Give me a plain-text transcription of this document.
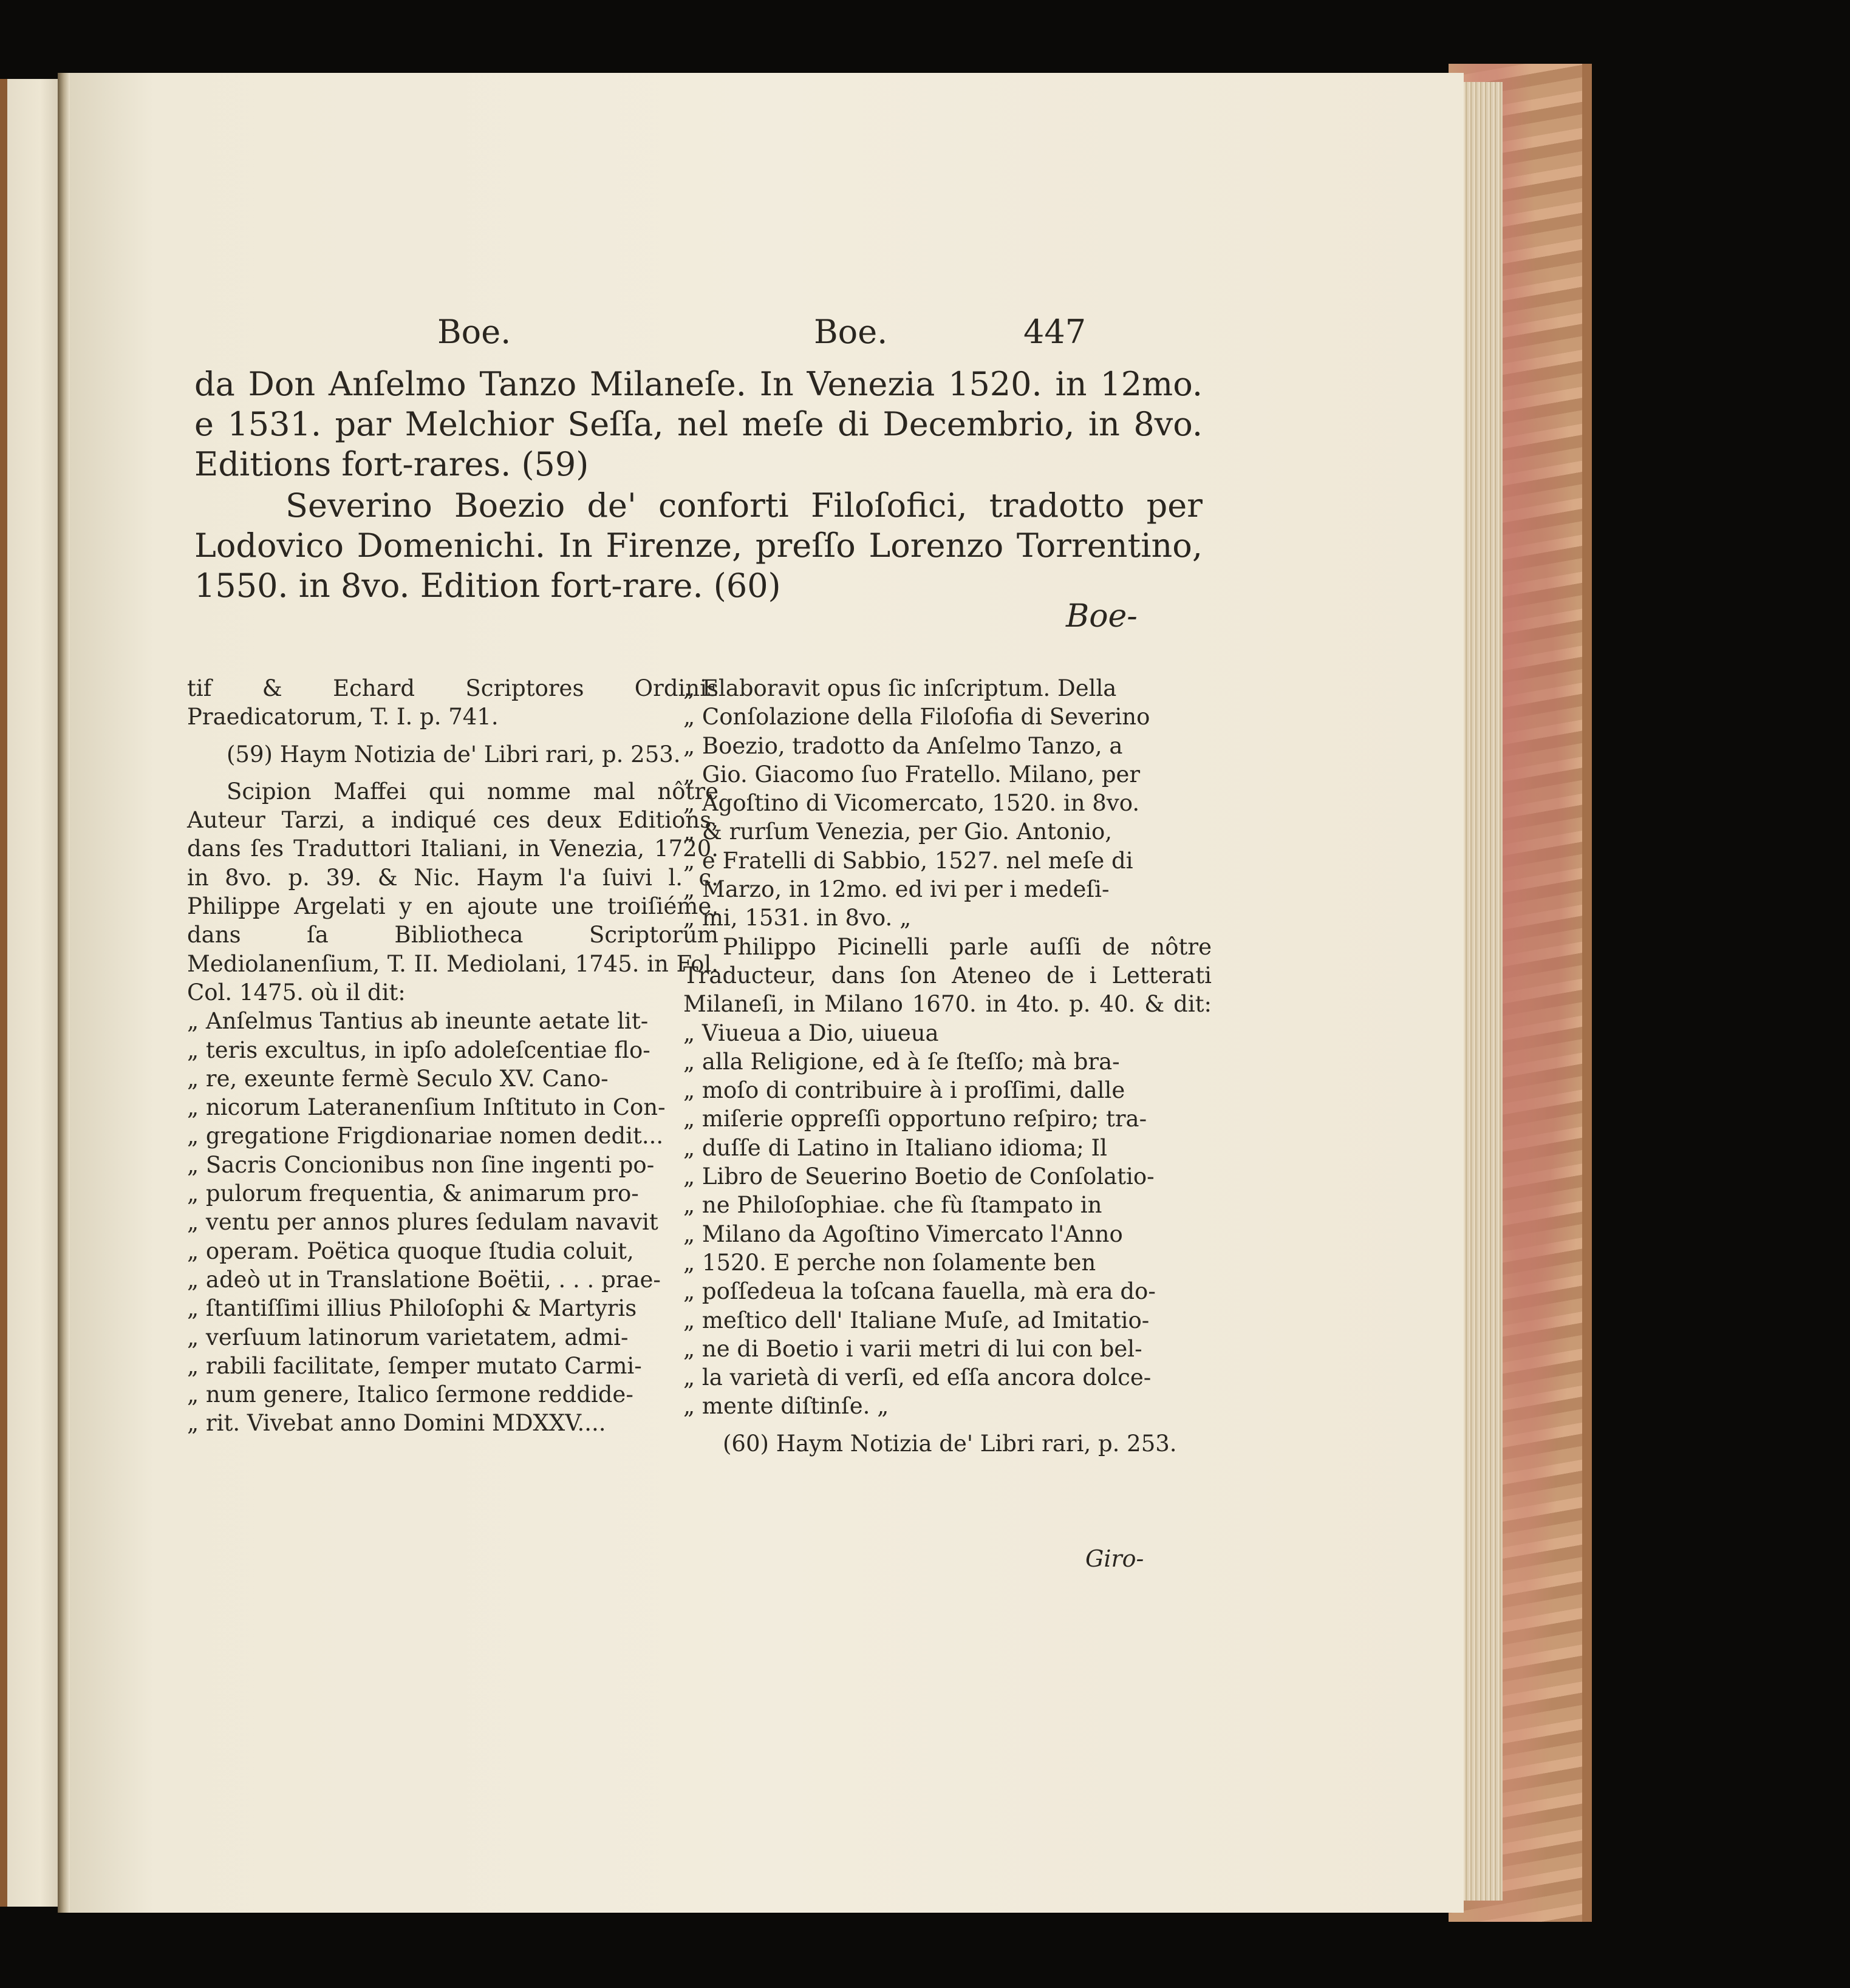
Boe.	Boe.	447

da Don Anſelmo Tanzo Milaneſe. In Venezia 1520. in 12mo. e 1531. par Melchior Seſſa, nel meſe di Decembrio, in 8vo. Editions fort-rares. (59)

Severino Boezio de' conforti Filoſofici, tradotto per Lodovico Domenichi. In Firenze, preſſo Lorenzo Torrentino, 1550. in 8vo. Edition fort-rare. (60)

Boe-

tif & Echard Scriptores Ordinis Praedicatorum, T. I. p. 741.

(59) Haym Notizia de' Libri rari, p. 253.

Scipion Maffei qui nomme mal nôtre Auteur Tarzi, a indiqué ces deux Editions, dans ſes Traduttori Italiani, in Venezia, 1720. in 8vo. p. 39. & Nic. Haym l'a ſuivi l. c. Philippe Argelati y en ajoute une troiſiéme, dans ſa Bibliotheca Scriptorum Mediolanenſium, T. II. Mediolani, 1745. in Fol. Col. 1475. où il dit:

„ Anſelmus Tantius ab ineunte aetate lit-
„ teris excultus, in ipſo adoleſcentiae flo-
„ re, exeunte fermè Seculo XV. Cano-
„ nicorum Lateranenſium Inſtituto in Con-
„ gregatione Frigdionariae nomen dedit...
„ Sacris Concionibus non ſine ingenti po-
„ pulorum frequentia, & animarum pro-
„ ventu per annos plures ſedulam navavit
„ operam. Poëtica quoque ſtudia coluit,
„ adeò ut in Translatione Boëtii, . . . prae-
„ ſtantiſſimi illius Philoſophi & Martyris
„ verſuum latinorum varietatem, admi-
„ rabili facilitate, ſemper mutato Carmi-
„ num genere, Italico ſermone reddide-
„ rit. Vivebat anno Domini MDXXV....
„ Elaboravit opus ſic inſcriptum. Della
„ Conſolazione della Filoſofia di Severino
„ Boezio, tradotto da Anſelmo Tanzo, a
„ Gio. Giacomo ſuo Fratello. Milano, per
„ Agoſtino di Vicomercato, 1520. in 8vo.
„ & rurſum Venezia, per Gio. Antonio,
„ e Fratelli di Sabbio, 1527. nel meſe di
„ Marzo, in 12mo. ed ivi per i medeſi-
„ mi, 1531. in 8vo. „

Philippo Picinelli parle auſſi de nôtre Traducteur, dans ſon Ateneo de i Letterati Milaneſi, in Milano 1670. in 4to. p. 40. & dit: „ Viueua a Dio, uiueua

„ alla Religione, ed à ſe ſteſſo; mà bra-
„ moſo di contribuire à i proſſimi, dalle
„ miſerie oppreſſi opportuno reſpiro; tra-
„ duſſe di Latino in Italiano idioma; Il
„ Libro de Seuerino Boetio de Conſolatio-
„ ne Philoſophiae. che fù ſtampato in
„ Milano da Agoſtino Vimercato l'Anno
„ 1520. E perche non ſolamente ben
„ poſſedeua la toſcana fauella, mà era do-
„ meſtico dell' Italiane Muſe, ad Imitatio-
„ ne di Boetio i varii metri di lui con bel-
„ la varietà di verſi, ed eſſa ancora dolce-
„ mente diſtinſe. „

(60) Haym Notizia de' Libri rari, p. 253.

Giro-
